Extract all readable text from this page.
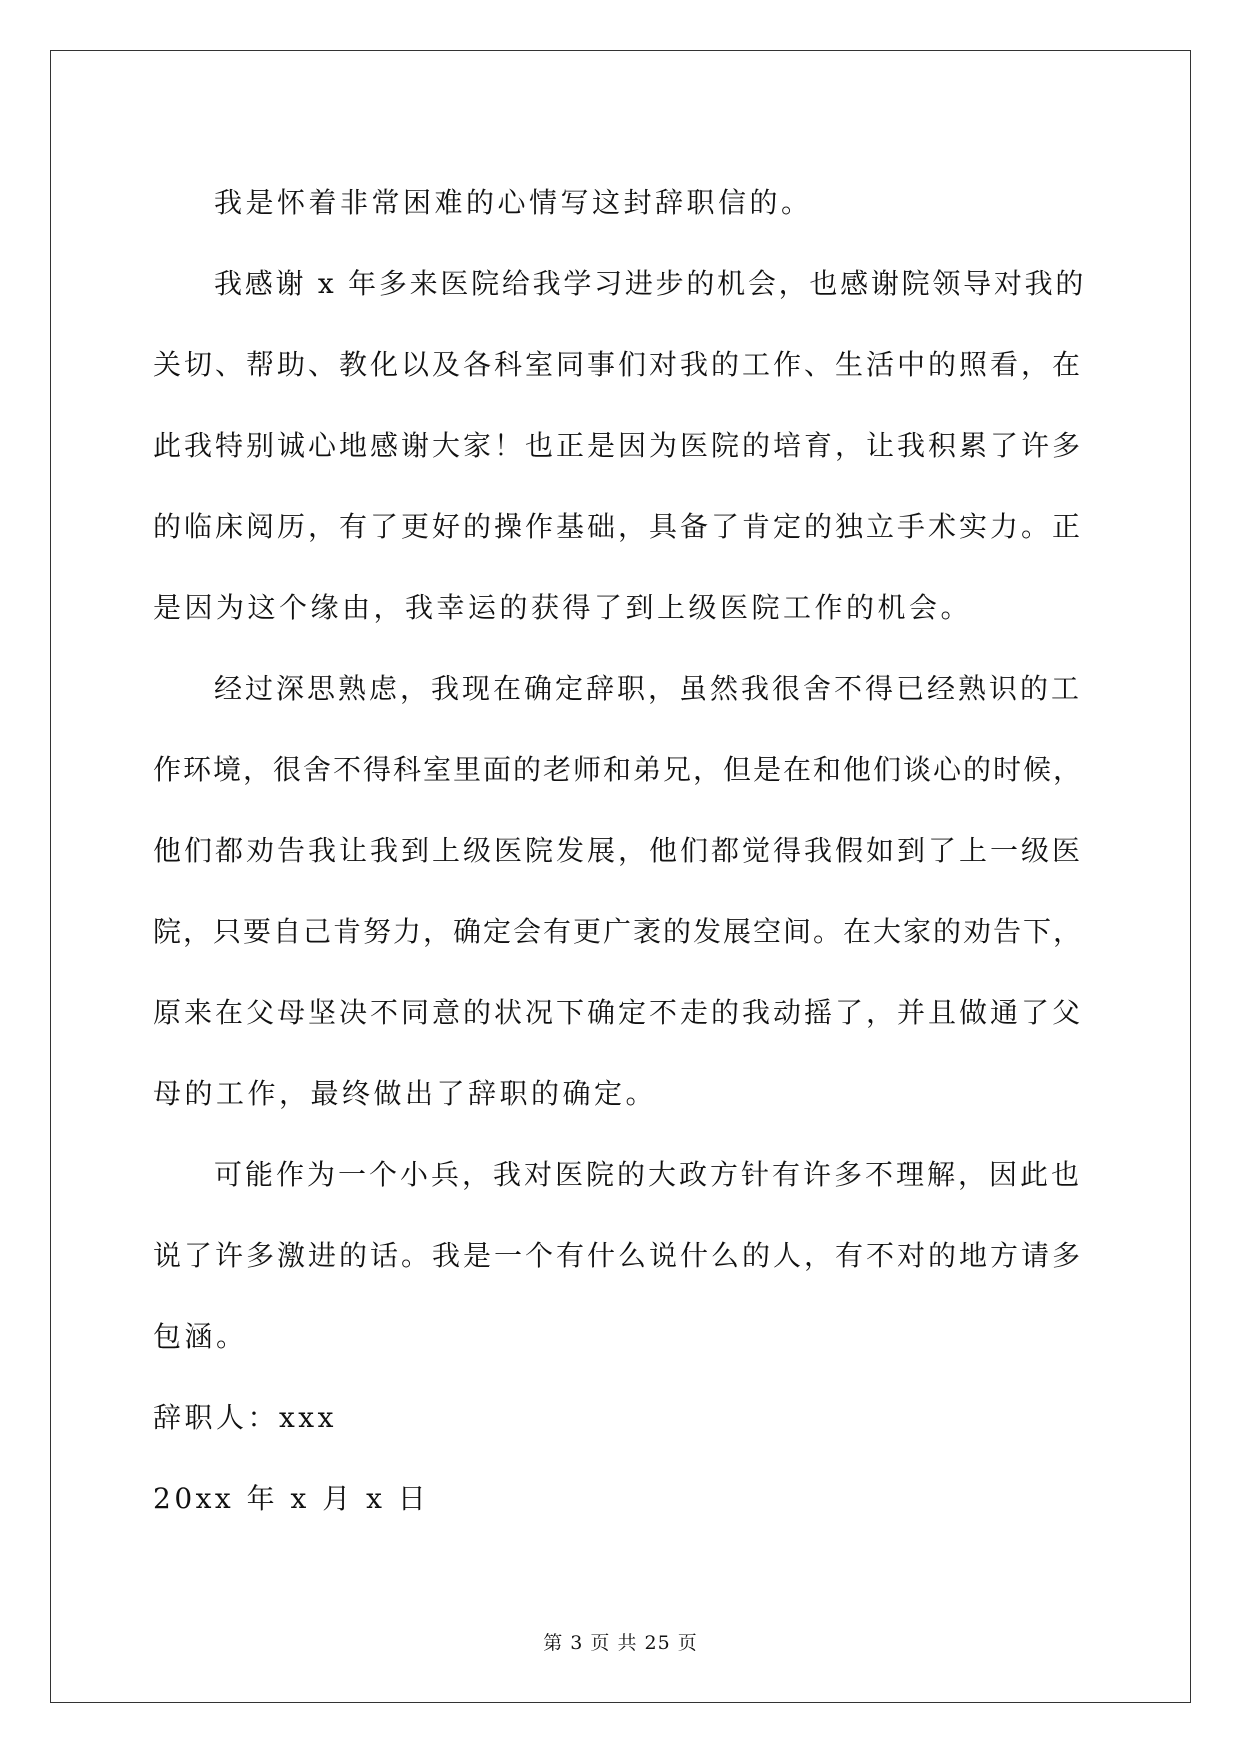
我是怀着非常困难的心情写这封辞职信的。
我感谢 x 年多来医院给我学习进步的机会，也感谢院领导对我的
关切、帮助、教化以及各科室同事们对我的工作、生活中的照看，在
此我特别诚心地感谢大家！也正是因为医院的培育，让我积累了许多
的临床阅历，有了更好的操作基础，具备了肯定的独立手术实力。正
是因为这个缘由，我幸运的获得了到上级医院工作的机会。
经过深思熟虑，我现在确定辞职，虽然我很舍不得已经熟识的工
作环境，很舍不得科室里面的老师和弟兄，但是在和他们谈心的时候，
他们都劝告我让我到上级医院发展，他们都觉得我假如到了上一级医
院，只要自己肯努力，确定会有更广袤的发展空间。在大家的劝告下，
原来在父母坚决不同意的状况下确定不走的我动摇了，并且做通了父
母的工作，最终做出了辞职的确定。
可能作为一个小兵，我对医院的大政方针有许多不理解，因此也
说了许多激进的话。我是一个有什么说什么的人，有不对的地方请多
包涵。
辞职人：xxx
20xx 年 x 月 x 日
第 3 页 共 25 页
